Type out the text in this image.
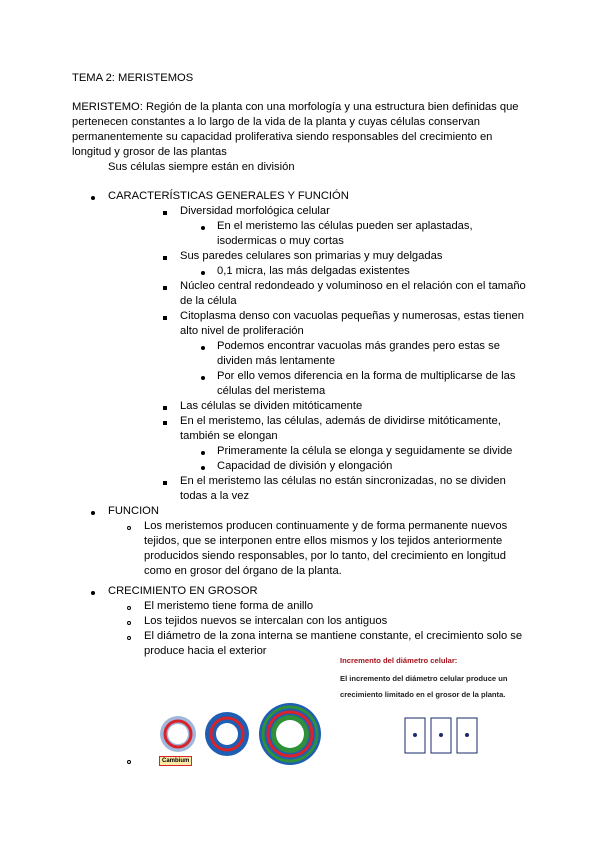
TEMA 2: MERISTEMOS
MERISTEMO: Región de la planta con una morfología y una estructura bien definidas que
pertenecen constantes a lo largo de la vida de la planta y cuyas células conservan
permanentemente su capacidad proliferativa siendo responsables del crecimiento en
longitud y grosor de las plantas
Sus células siempre están en división
CARACTERÍSTICAS GENERALES Y FUNCIÓN
Diversidad morfológica celular
En el meristemo las células pueden ser aplastadas,
isodermicas o muy cortas
Sus paredes celulares son primarias y muy delgadas
0,1 micra, las más delgadas existentes
Núcleo central redondeado y voluminoso en el relación con el tamaño
de la célula
Citoplasma denso con vacuolas pequeñas y numerosas, estas tienen
alto nivel de proliferación
Podemos encontrar vacuolas más grandes pero estas se
dividen más lentamente
Por ello vemos diferencia en la forma de multiplicarse de las
células del meristema
Las células se dividen mitóticamente
En el meristemo, las células, además de dividirse mitóticamente,
también se elongan
Primeramente la célula se elonga y seguidamente se divide
Capacidad de división y elongación
En el meristemo las células no están sincronizadas, no se dividen
todas a la vez
FUNCION
Los meristemos producen continuamente y de forma permanente nuevos
tejidos, que se interponen entre ellos mismos y los tejidos anteriormente
producidos siendo responsables, por lo tanto, del crecimiento en longitud
como en grosor del órgano de la planta.
CRECIMIENTO EN GROSOR
El meristemo tiene forma de anillo
Los tejidos nuevos se intercalan con los antiguos
El diámetro de la zona interna se mantiene constante, el crecimiento solo se
produce hacia el exterior
Incremento del diámetro celular:
El incremento del diámetro celular produce un
crecimiento limitado en el grosor de la planta.
Cambium
